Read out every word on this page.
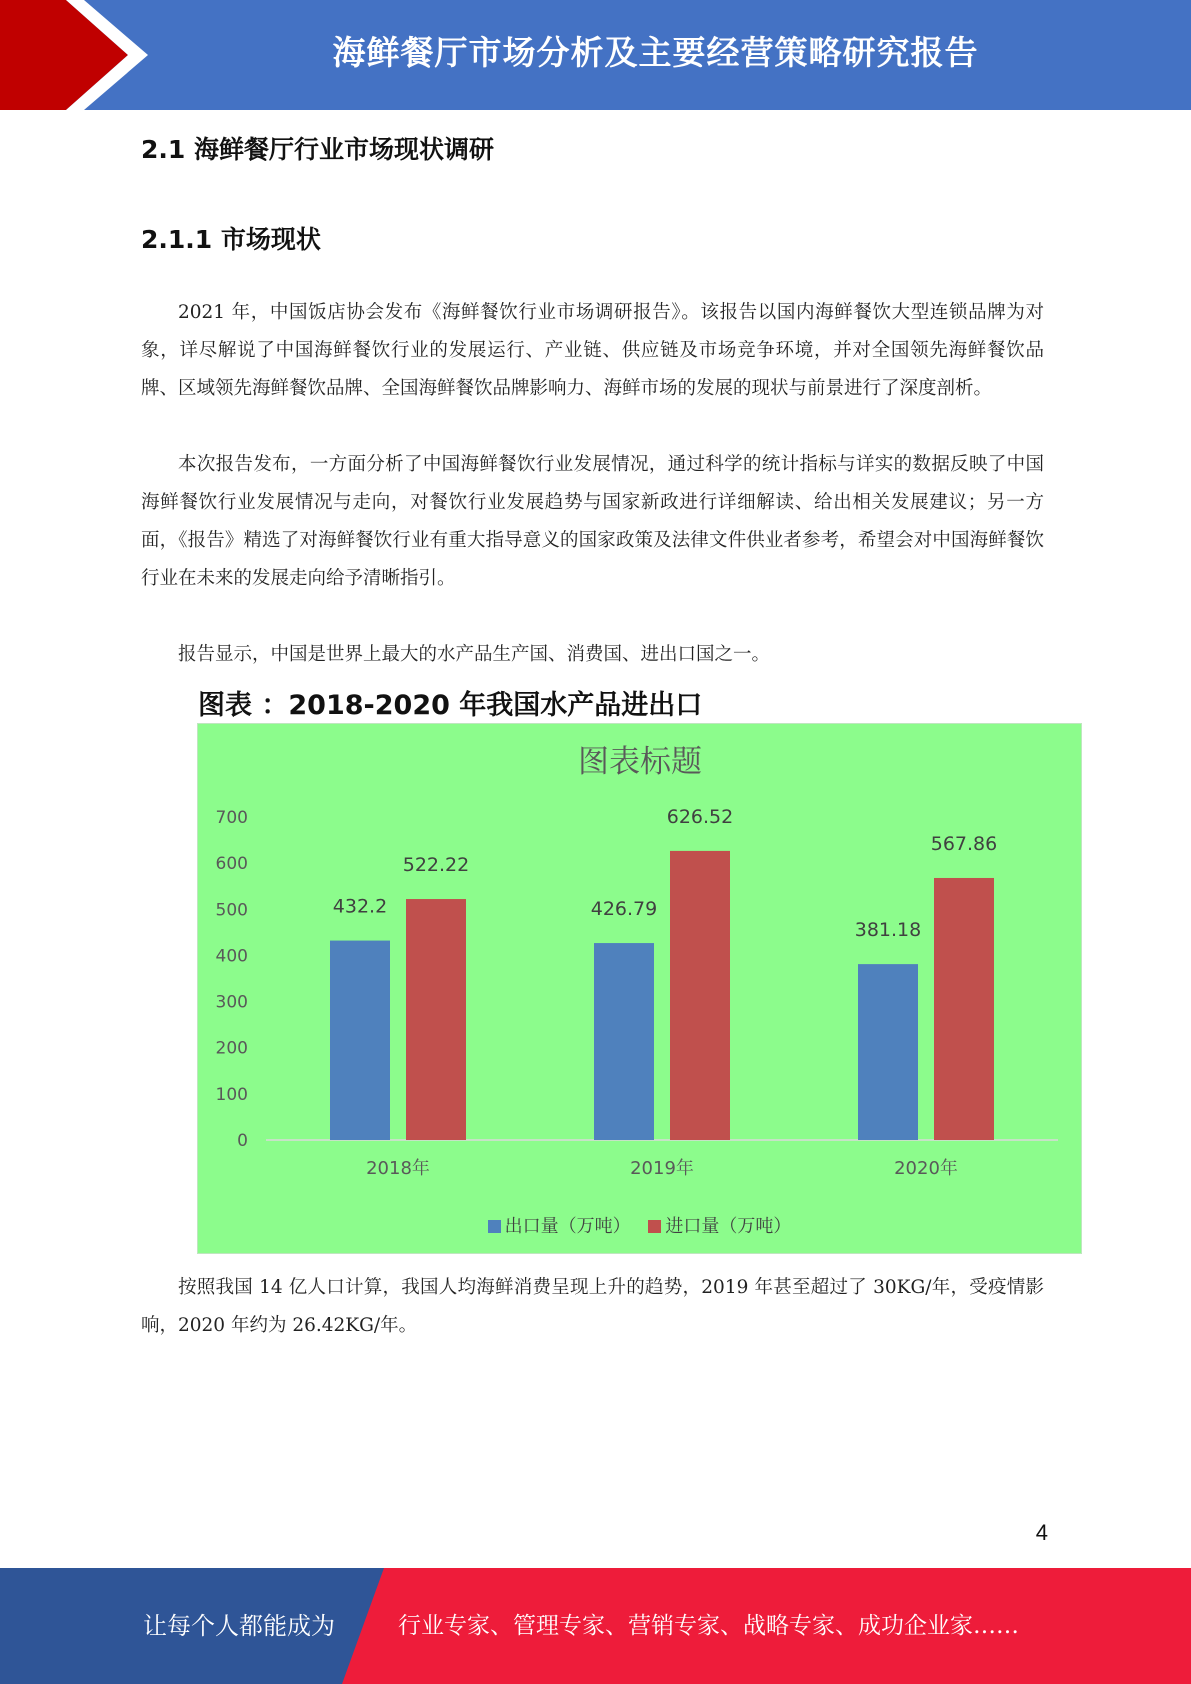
海鲜餐厅市场分析及主要经营策略研究报告
2.1 海鲜餐厅行业市场现状调研
2.1.1 市场现状

2021 年，中国饭店协会发布《海鲜餐饮行业市场调研报告》。该报告以国内海鲜餐饮大型连锁品牌为对象，详尽解说了中国海鲜餐饮行业的发展运行、产业链、供应链及市场竞争环境，并对全国领先海鲜餐饮品牌、区域领先海鲜餐饮品牌、全国海鲜餐饮品牌影响力、海鲜市场的发展的现状与前景进行了深度剖析。

本次报告发布，一方面分析了中国海鲜餐饮行业发展情况，通过科学的统计指标与详实的数据反映了中国海鲜餐饮行业发展情况与走向，对餐饮行业发展趋势与国家新政进行详细解读、给出相关发展建议；另一方面，《报告》精选了对海鲜餐饮行业有重大指导意义的国家政策及法律文件供业者参考，希望会对中国海鲜餐饮行业在未来的发展走向给予清晰指引。

报告显示，中国是世界上最大的水产品生产国、消费国、进出口国之一。

图表 ：2018-2020 年我国水产品进出口
图表标题
0
100
200
300
400
500
600
700
432.2
522.22
2018年
426.79
626.52
2019年
381.18
567.86
2020年
出口量（万吨） 进口量（万吨）

按照我国 14 亿人口计算，我国人均海鲜消费呈现上升的趋势，2019 年甚至超过了 30KG/年，受疫情影响，2020 年约为 26.42KG/年。

4
让每个人都能成为	行业专家、管理专家、营销专家、战略专家、成功企业家……
